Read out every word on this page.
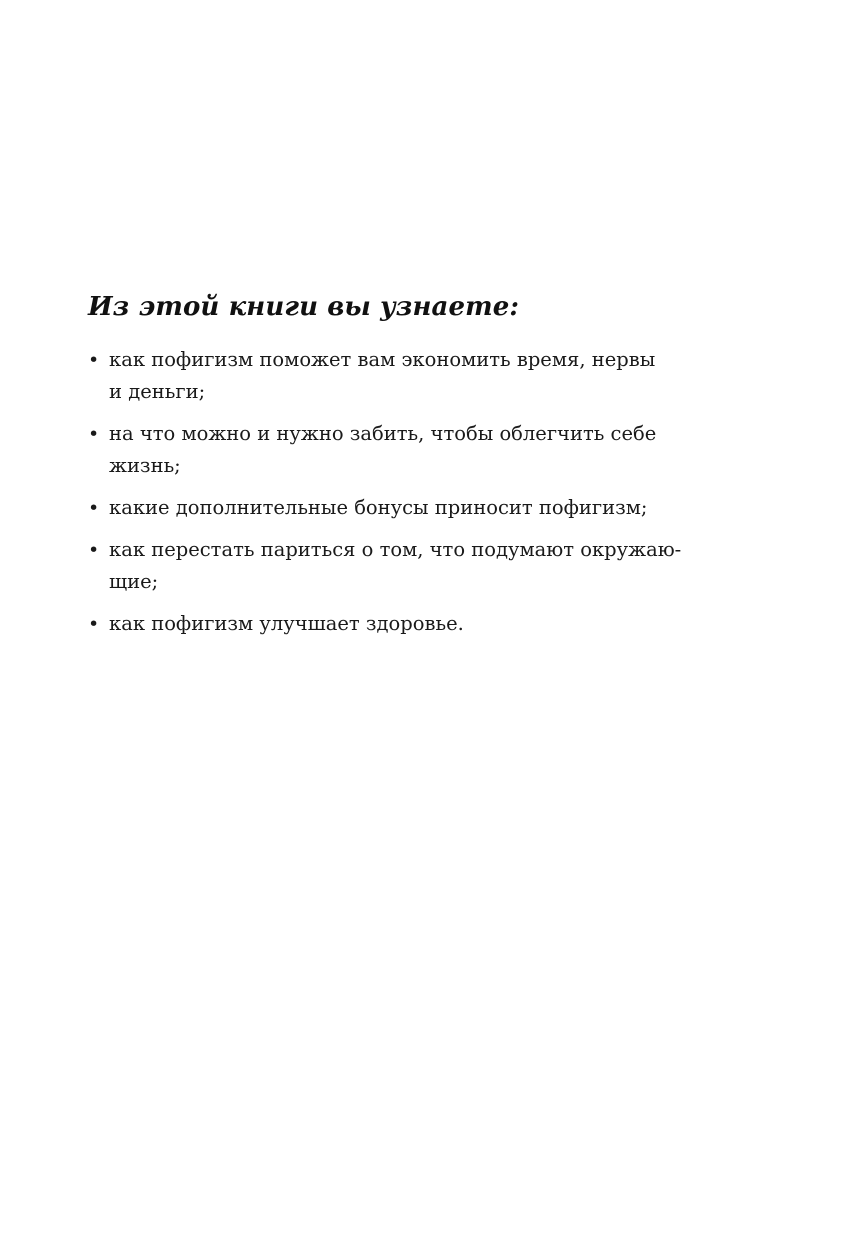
Из этой книги вы узнаете:
• как пофигизм поможет вам экономить время, нервы
и деньги;
• на что можно и нужно забить, чтобы облегчить себе
жизнь;
• какие дополнительные бонусы приносит пофигизм;
• как перестать париться о том, что подумают окружаю-
щие;
• как пофигизм улучшает здоровье.
